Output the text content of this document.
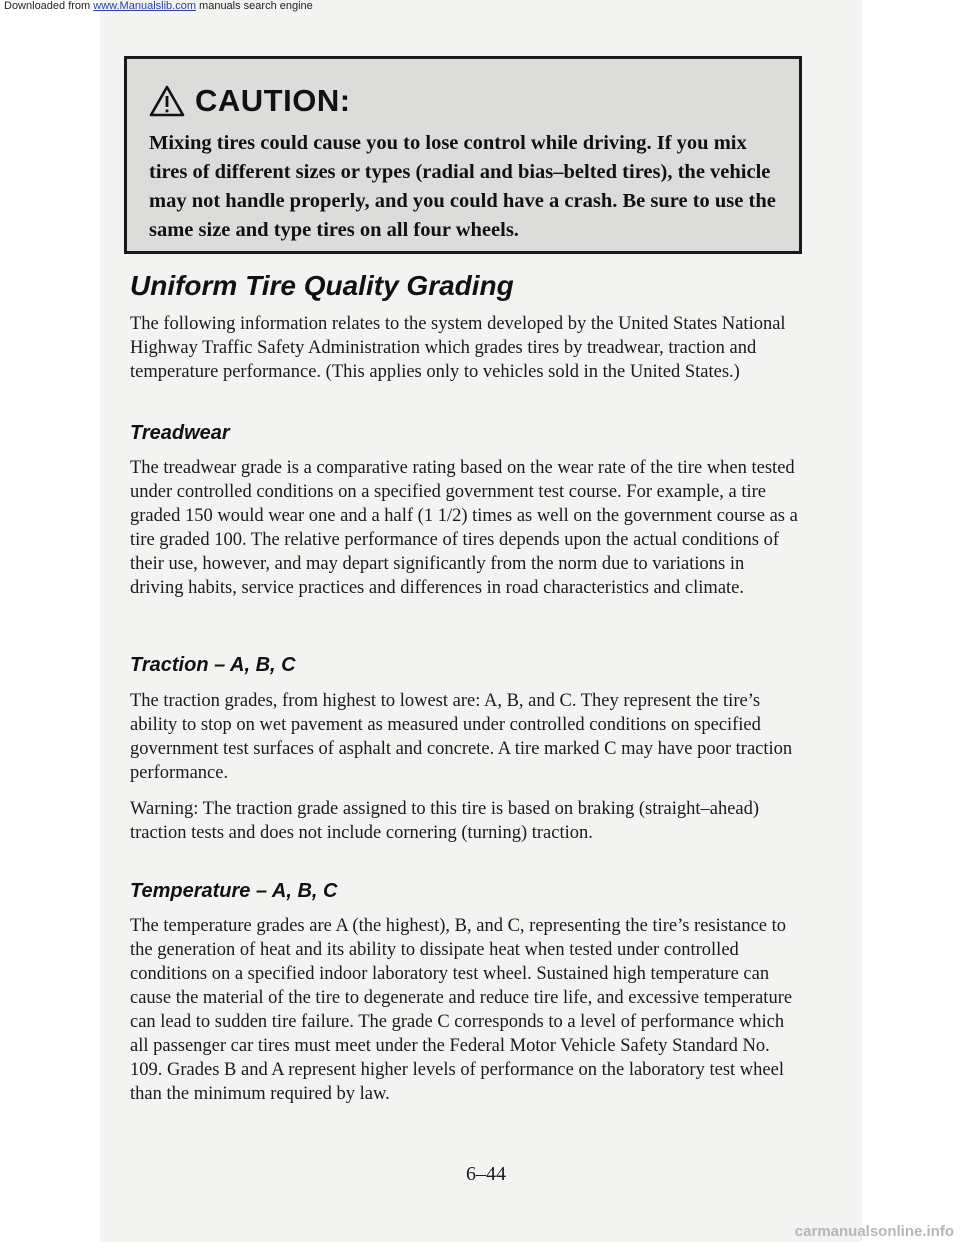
CAUTION:
Mixing tires could cause you to lose control while driving. If you mix tires of different sizes or types (radial and bias–belted tires), the vehicle may not handle properly, and you could have a crash. Be sure to use the same size and type tires on all four wheels.
Uniform Tire Quality Grading

The following information relates to the system developed by the United States National Highway Traffic Safety Administration which grades tires by treadwear, traction and temperature performance. (This applies only to vehicles sold in the United States.)

Treadwear

The treadwear grade is a comparative rating based on the wear rate of the tire when tested under controlled conditions on a specified government test course. For example, a tire graded 150 would wear one and a half (1 1/2) times as well on the government course as a tire graded 100. The relative performance of tires depends upon the actual conditions of their use, however, and may depart significantly from the norm due to variations in driving habits, service practices and differences in road characteristics and climate.

Traction – A, B, C

The traction grades, from highest to lowest are: A, B, and C. They represent the tire’s ability to stop on wet pavement as measured under controlled conditions on specified government test surfaces of asphalt and concrete. A tire marked C may have poor traction performance.

Warning: The traction grade assigned to this tire is based on braking (straight–ahead) traction tests and does not include cornering (turning) traction.

Temperature – A, B, C

The temperature grades are A (the highest), B, and C, representing the tire’s resistance to the generation of heat and its ability to dissipate heat when tested under controlled conditions on a specified indoor laboratory test wheel. Sustained high temperature can cause the material of the tire to degenerate and reduce tire life, and excessive temperature can lead to sudden tire failure. The grade C corresponds to a level of performance which all passenger car tires must meet under the Federal Motor Vehicle Safety Standard No. 109. Grades B and A represent higher levels of performance on the laboratory test wheel than the minimum required by law.

6–44
Downloaded from www.Manualslib.com manuals search engine
carmanualsonline.info
